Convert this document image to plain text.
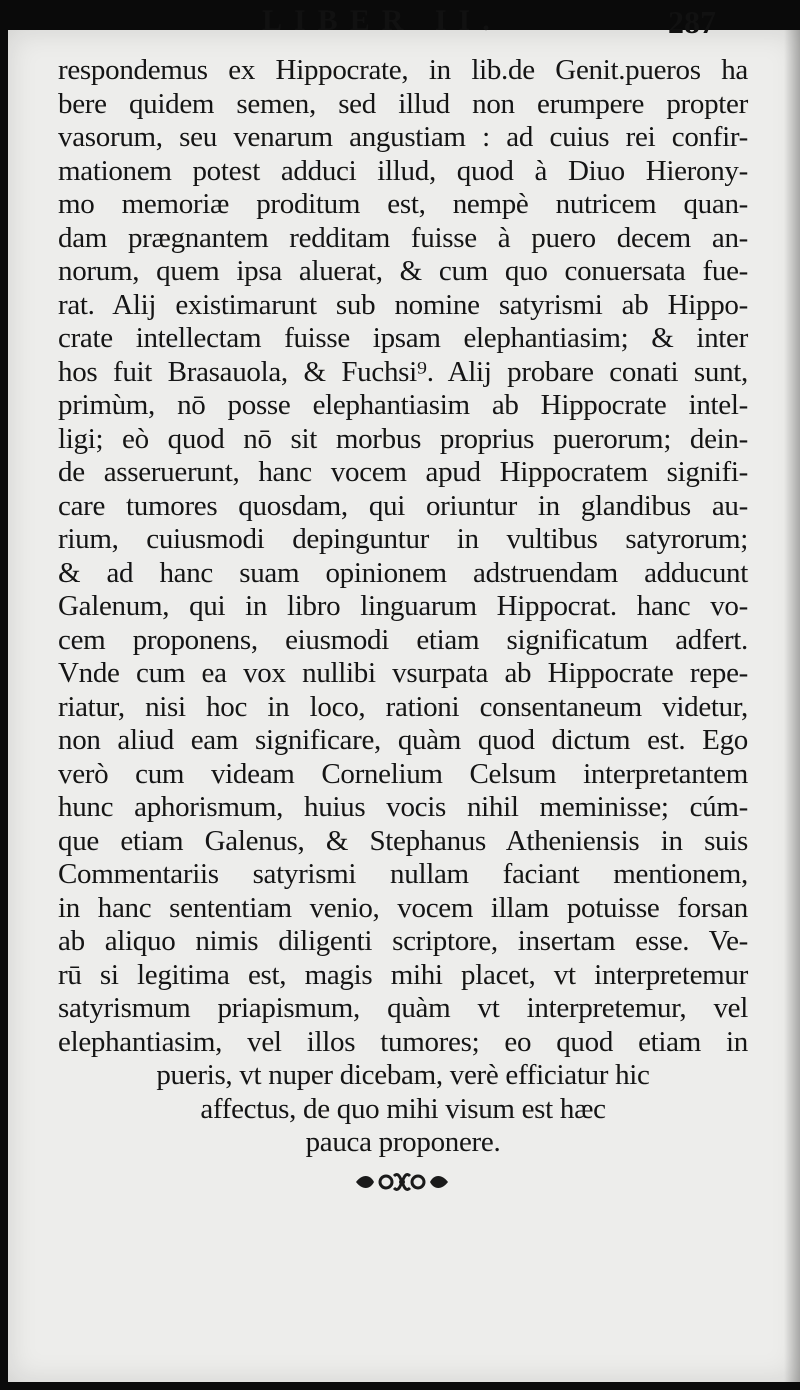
LIBER II.	287
respondemus ex Hippocrate, in lib.de Genit.pueros ha
bere quidem semen, sed illud non erumpere propter
vasorum, seu venarum angustiam : ad cuius rei confir-
mationem potest adduci illud, quod à Diuo Hierony-
mo memoriæ proditum est, nempè nutricem quan-
dam prægnantem redditam fuisse à puero decem an-
norum, quem ipsa aluerat, & cum quo conuersata fue-
rat. Alij existimarunt sub nomine satyrismi ab Hippo-
crate intellectam fuisse ipsam elephantiasim; & inter
hos fuit Brasauola, & Fuchsi⁹. Alij probare conati sunt,
primùm, nō posse elephantiasim ab Hippocrate intel-
ligi; eò quod nō sit morbus proprius puerorum; dein-
de asseruerunt, hanc vocem apud Hippocratem signifi-
care tumores quosdam, qui oriuntur in glandibus au-
rium, cuiusmodi depinguntur in vultibus satyrorum;
& ad hanc suam opinionem adstruendam adducunt
Galenum, qui in libro linguarum Hippocrat. hanc vo-
cem proponens, eiusmodi etiam significatum adfert.
Vnde cum ea vox nullibi vsurpata ab Hippocrate repe-
riatur, nisi hoc in loco, rationi consentaneum videtur,
non aliud eam significare, quàm quod dictum est. Ego
verò cum videam Cornelium Celsum interpretantem
hunc aphorismum, huius vocis nihil meminisse; cúm-
que etiam Galenus, & Stephanus Atheniensis in suis
Commentariis satyrismi nullam faciant mentionem,
in hanc sententiam venio, vocem illam potuisse forsan
ab aliquo nimis diligenti scriptore, insertam esse. Ve-
rū si legitima est, magis mihi placet, vt interpretemur
satyrismum priapismum, quàm vt interpretemur, vel
elephantiasim, vel illos tumores; eo quod etiam in
pueris, vt nuper dicebam, verè efficiatur hic
affectus, de quo mihi visum est hæc
pauca proponere.
